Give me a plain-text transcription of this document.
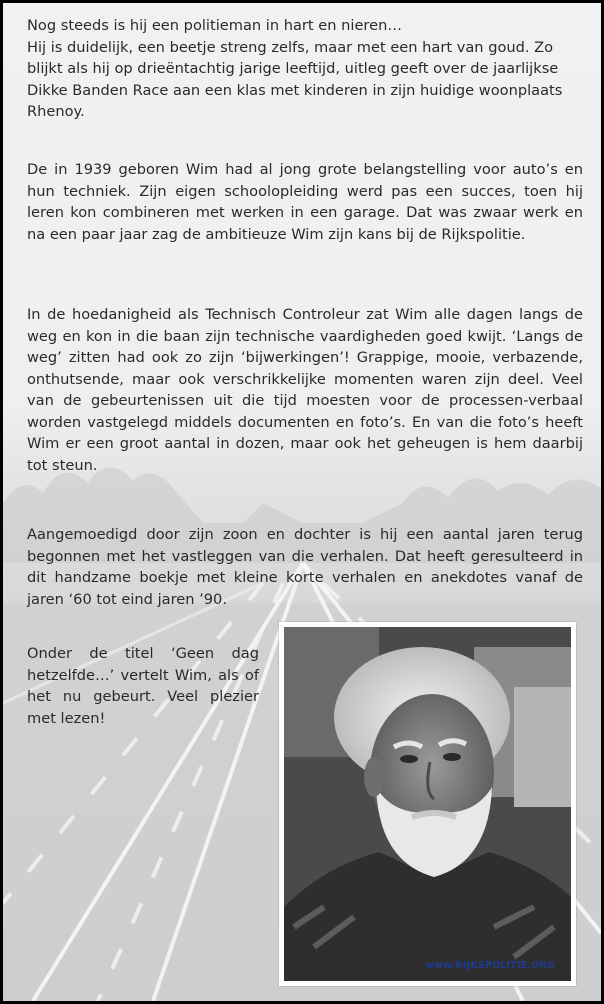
Nog steeds is hij een politieman in hart en nieren…
Hij is duidelijk, een beetje streng zelfs, maar met een hart van goud. Zo blijkt als hij op drieëntachtig jarige leeftijd, uitleg geeft over de jaarlijkse Dikke Banden Race aan een klas met kinderen in zijn huidige woonplaats Rhenoy.
De in 1939 geboren Wim had al jong grote belangstelling voor auto’s en hun techniek. Zijn eigen schoolopleiding werd pas een succes, toen hij leren kon combineren met werken in een garage. Dat was zwaar werk en na een paar jaar zag de ambitieuze Wim zijn kans bij de Rijkspolitie.
In de hoedanigheid als Technisch Controleur zat Wim alle dagen langs de weg en kon in die baan zijn technische vaardigheden goed kwijt. ‘Langs de weg’ zitten had ook zo zijn ‘bijwerkingen’! Grappige, mooie, verbazende, onthutsende, maar ook verschrikkelijke momenten waren zijn deel. Veel van de gebeurtenissen uit die tijd moesten voor de processen-verbaal worden vastgelegd middels documenten en foto’s. En van die foto’s heeft Wim er een groot aantal in dozen, maar ook het geheugen is hem daarbij tot steun.
Aangemoedigd door zijn zoon en dochter is hij een aantal jaren terug begonnen met het vastleggen van die verhalen. Dat heeft geresulteerd in dit handzame boekje met kleine korte verhalen en anekdotes vanaf de jaren ‘60 tot eind jaren ’90.
Onder de titel ‘Geen dag hetzelfde…’ vertelt Wim, als of het nu gebeurt. Veel plezier met lezen!
www.RIJKSPOLITIE.ORG
